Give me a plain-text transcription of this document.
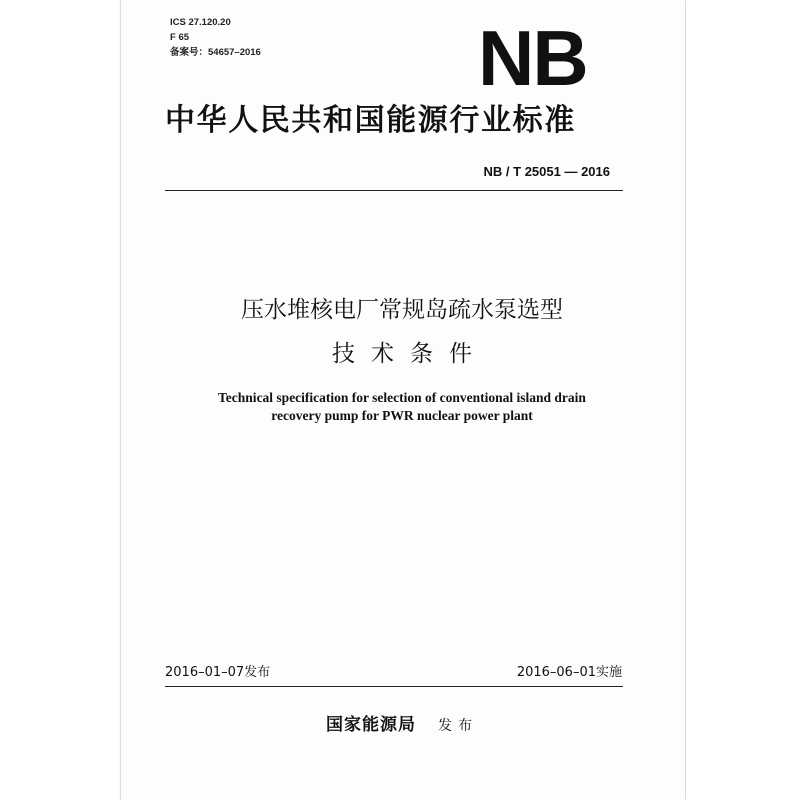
ICS 27.120.20
F 65
备案号：54657–2016	NB
中华人民共和国能源行业标准
NB / T 25051 — 2016
压水堆核电厂常规岛疏水泵选型
技术条件
Technical specification for selection of conventional island drain
recovery pump for PWR nuclear power plant
2016–01–07发布	2016–06–01实施
国家能源局 发布
